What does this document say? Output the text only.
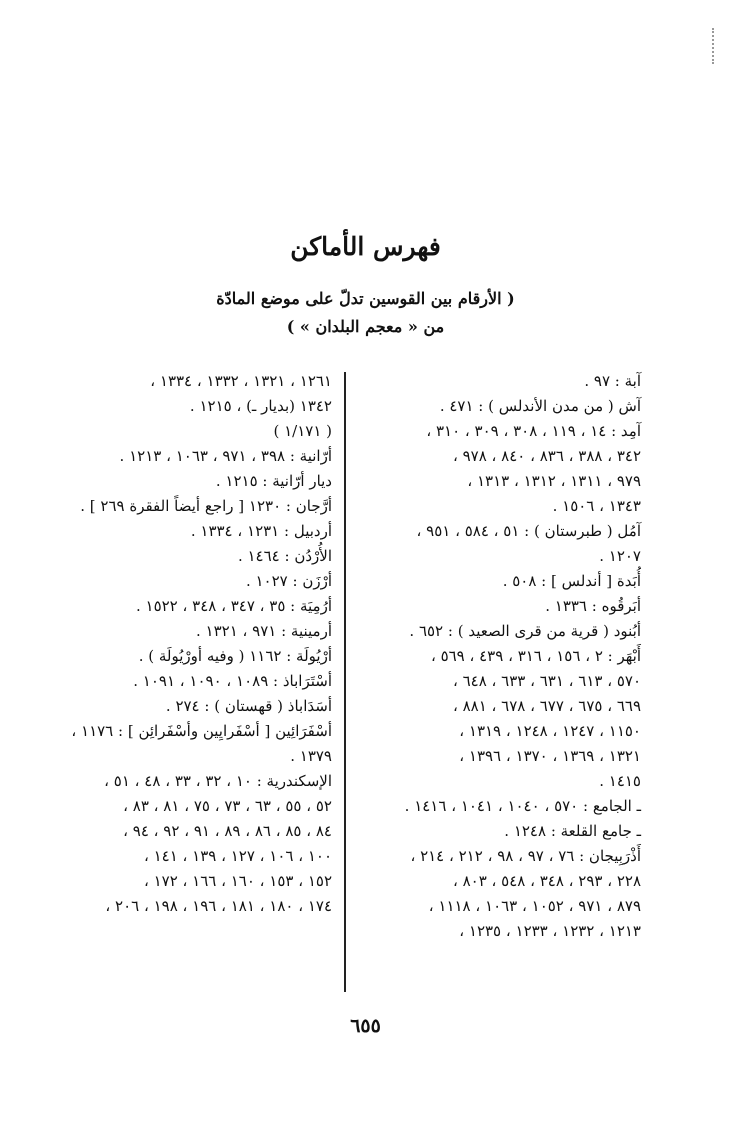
فهرس الأماكن
( الأرقام بين القوسين تدلّ على موضع المادّة
من « معجم البلدان » )
آبة : ٩٧ .
آش ( من مدن الأندلس ) : ٤٧١ .
آمِد : ١٤ ، ١١٩ ، ٣٠٨ ، ٣٠٩ ، ٣١٠ ،
٣٤٢ ، ٣٨٨ ، ٨٣٦ ، ٨٤٠ ، ٩٧٨ ،
٩٧٩ ، ١٣١١ ، ١٣١٢ ، ١٣١٣ ،
١٣٤٣ ، ١٥٠٦ .
آمُل ( طبرستان ) : ٥١ ، ٥٨٤ ، ٩٥١ ،
١٢٠٧ .
أُبَدة [ أندلس ] : ٥٠٨ .
أبَرقُوه : ١٣٣٦ .
أبُنود ( قرية من قرى الصعيد ) : ٦٥٢ .
أَبْهَر : ٢ ، ١٥٦ ، ٣١٦ ، ٤٣٩ ، ٥٦٩ ،
٥٧٠ ، ٦١٣ ، ٦٣١ ، ٦٣٣ ، ٦٤٨ ،
٦٦٩ ، ٦٧٥ ، ٦٧٧ ، ٦٧٨ ، ٨٨١ ،
١١٥٠ ، ١٢٤٧ ، ١٢٤٨ ، ١٣١٩ ،
١٣٢١ ، ١٣٦٩ ، ١٣٧٠ ، ١٣٩٦ ،
١٤١٥ .
ـ الجامع : ٥٧٠ ، ١٠٤٠ ، ١٠٤١ ، ١٤١٦ .
ـ جامع القلعة : ١٢٤٨ .
أَذْرَبِيجان : ٧٦ ، ٩٧ ، ٩٨ ، ٢١٢ ، ٢١٤ ،
٢٢٨ ، ٢٩٣ ، ٣٤٨ ، ٥٤٨ ، ٨٠٣ ،
٨٧٩ ، ٩٧١ ، ١٠٥٢ ، ١٠٦٣ ، ١١١٨ ،
١٢١٣ ، ١٢٣٢ ، ١٢٣٣ ، ١٢٣٥ ،
١٢٦١ ، ١٣٢١ ، ١٣٣٢ ، ١٣٣٤ ،
١٣٤٢ (بديار ـ) ، ١٢١٥ .
( ١/١٧١ )
أرّانية : ٣٩٨ ، ٩٧١ ، ١٠٦٣ ، ١٢١٣ .
ديار أرّانية : ١٢١٥ .
أرَّجان : ١٢٣٠ [ راجع أيضاً الفقرة ٢٦٩ ] .
أردبيل : ١٢٣١ ، ١٣٣٤ .
الأُرْدُن : ١٤٦٤ .
أرْزَن : ١٠٢٧ .
أرُمِيَة : ٣٥ ، ٣٤٧ ، ٣٤٨ ، ١٥٢٢ .
أرمينية : ٩٧١ ، ١٣٢١ .
أرْيُولَة : ١١٦٢ ( وفيه أورْيُولَة ) .
أسْتَرَاباذ : ١٠٨٩ ، ١٠٩٠ ، ١٠٩١ .
أسَدَاباذ ( قهستان ) : ٢٧٤ .
أسْفَرَائِين [ أسْفَرايِين وأسْفَرائِن ] : ١١٧٦ ،
١٣٧٩ .
الإسكندرية : ١٠ ، ٣٢ ، ٣٣ ، ٤٨ ، ٥١ ،
٥٢ ، ٥٥ ، ٦٣ ، ٧٣ ، ٧٥ ، ٨١ ، ٨٣ ،
٨٤ ، ٨٥ ، ٨٦ ، ٨٩ ، ٩١ ، ٩٢ ، ٩٤ ،
١٠٠ ، ١٠٦ ، ١٢٧ ، ١٣٩ ، ١٤١ ،
١٥٢ ، ١٥٣ ، ١٦٠ ، ١٦٦ ، ١٧٢ ،
١٧٤ ، ١٨٠ ، ١٨١ ، ١٩٦ ، ١٩٨ ، ٢٠٦ ،
٦٥٥
